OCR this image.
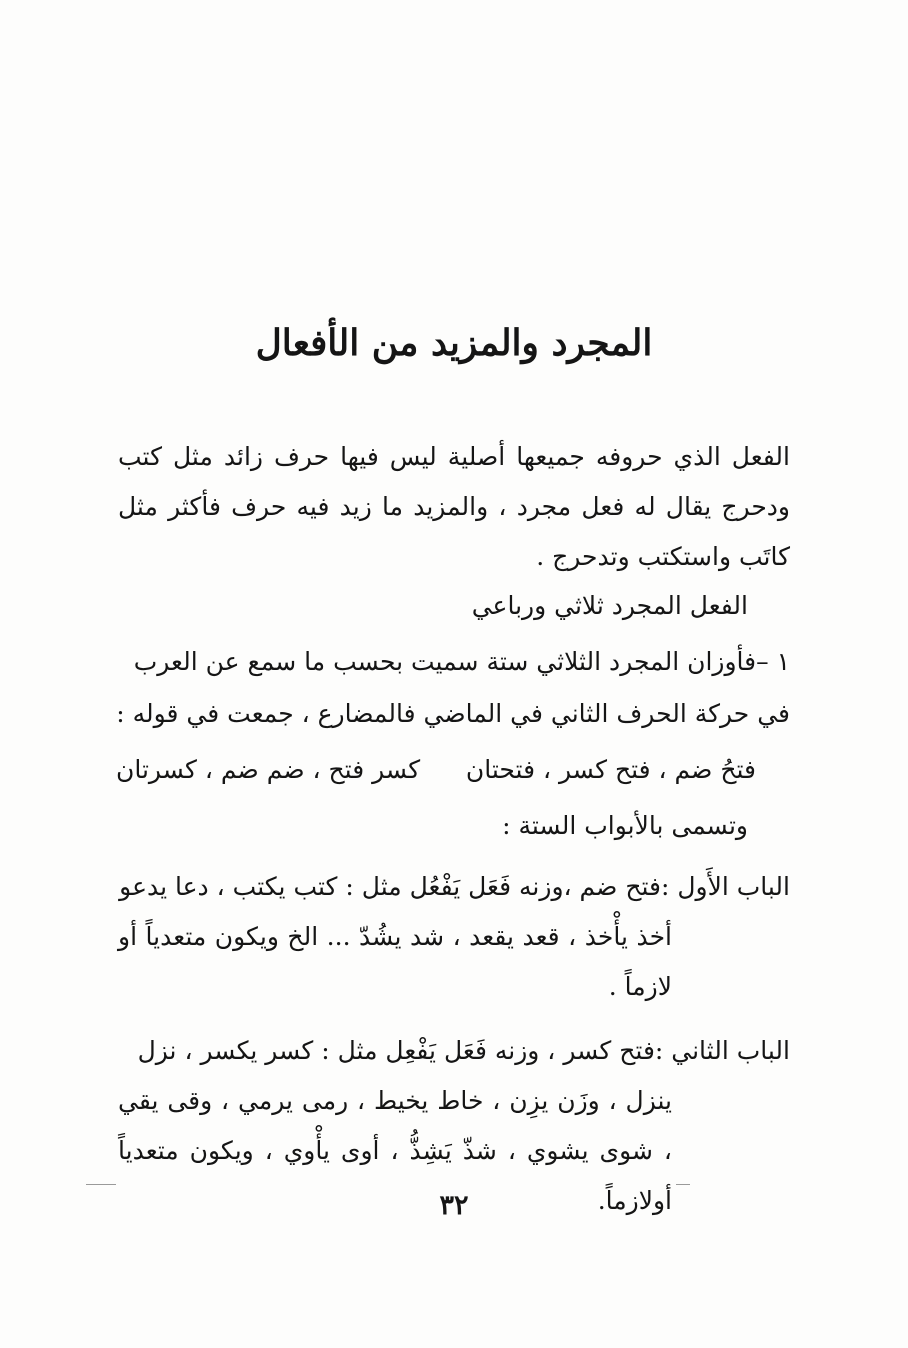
المجرد والمزيد من الأفعال
الفعل الذي حروفه جميعها أصلية ليس فيها حرف زائد مثل كتب ودحرج يقال له فعل مجرد ، والمزيد ما زيد فيه حرف فأكثر مثل كاتَب واستكتب وتدحرج .
الفعل المجرد ثلاثي ورباعي
١ –فأوزان المجرد الثلاثي ستة سميت بحسب ما سمع عن العرب
في حركة الحرف الثاني في الماضي فالمضارع ، جمعت في قوله :
فتحُ ضم ، فتح كسر ، فتحتان
كسر فتح ، ضم ضم ، كسرتان
وتسمى بالأبواب الستة :
الباب الأَول :فتح ضم ،وزنه فَعَل يَفْعُل مثل : كتب يكتب ، دعا يدعو
أخذ يأْخذ ، قعد يقعد ، شد يشُدّ ... الخ ويكون متعدياً أو لازماً .
الباب الثاني :فتح كسر ، وزنه فَعَل يَفْعِل مثل : كسر يكسر ، نزل
ينزل ، وزَن يزِن ، خاط يخيط ، رمى يرمي ، وقى يقي ، شوى يشوي ، شذّ يَشِذُّ ، أوى يأْوي ، ويكون متعدياً أولازماً.
٣٢
